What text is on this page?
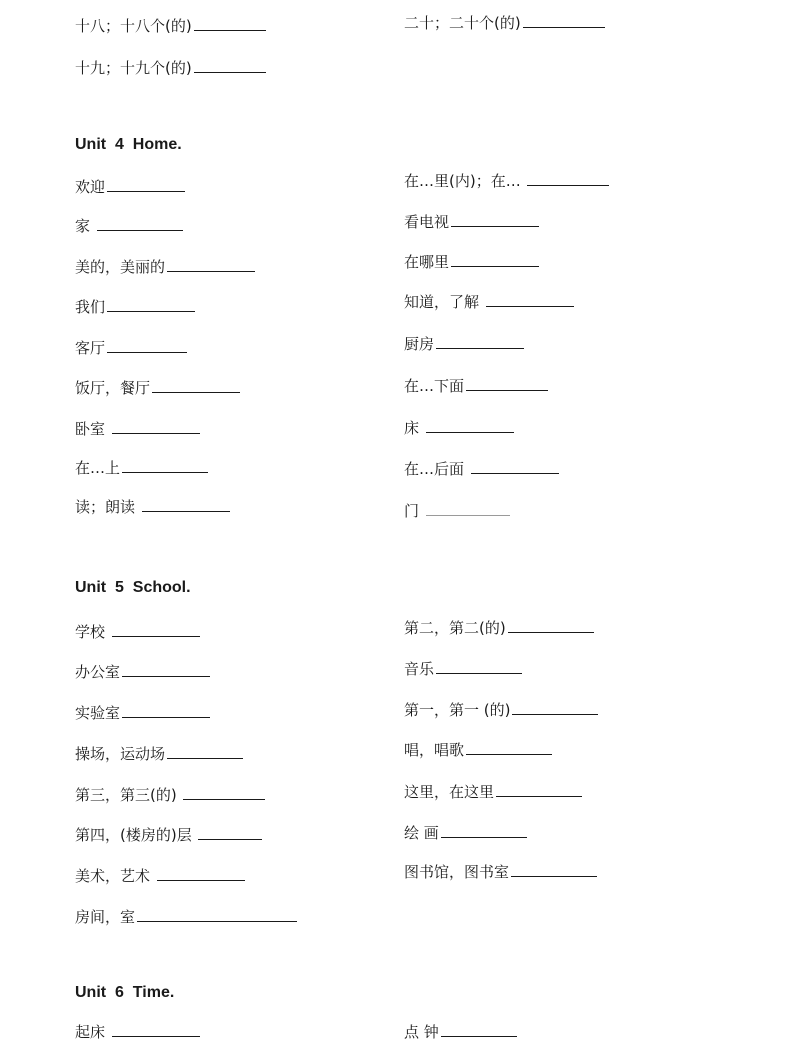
十八；十八个(的)
十九；十九个(的)
二十；二十个(的)
Unit  4  Home.
欢迎
家
美的，美丽的
我们
客厅
饭厅，餐厅
卧室
在…上
读；朗读
在…里(内)；在…
看电视
在哪里
知道，了解
厨房
在…下面
床
在…后面
门
Unit  5  School.
学校
办公室
实验室
操场，运动场
第三，第三(的)
第四，(楼房的)层
美术，艺术
房间，室
第二，第二(的)
音乐
第一，第一 (的)
唱，唱歌
这里，在这里
绘 画
图书馆，图书室
Unit  6  Time.
起床	点 钟
